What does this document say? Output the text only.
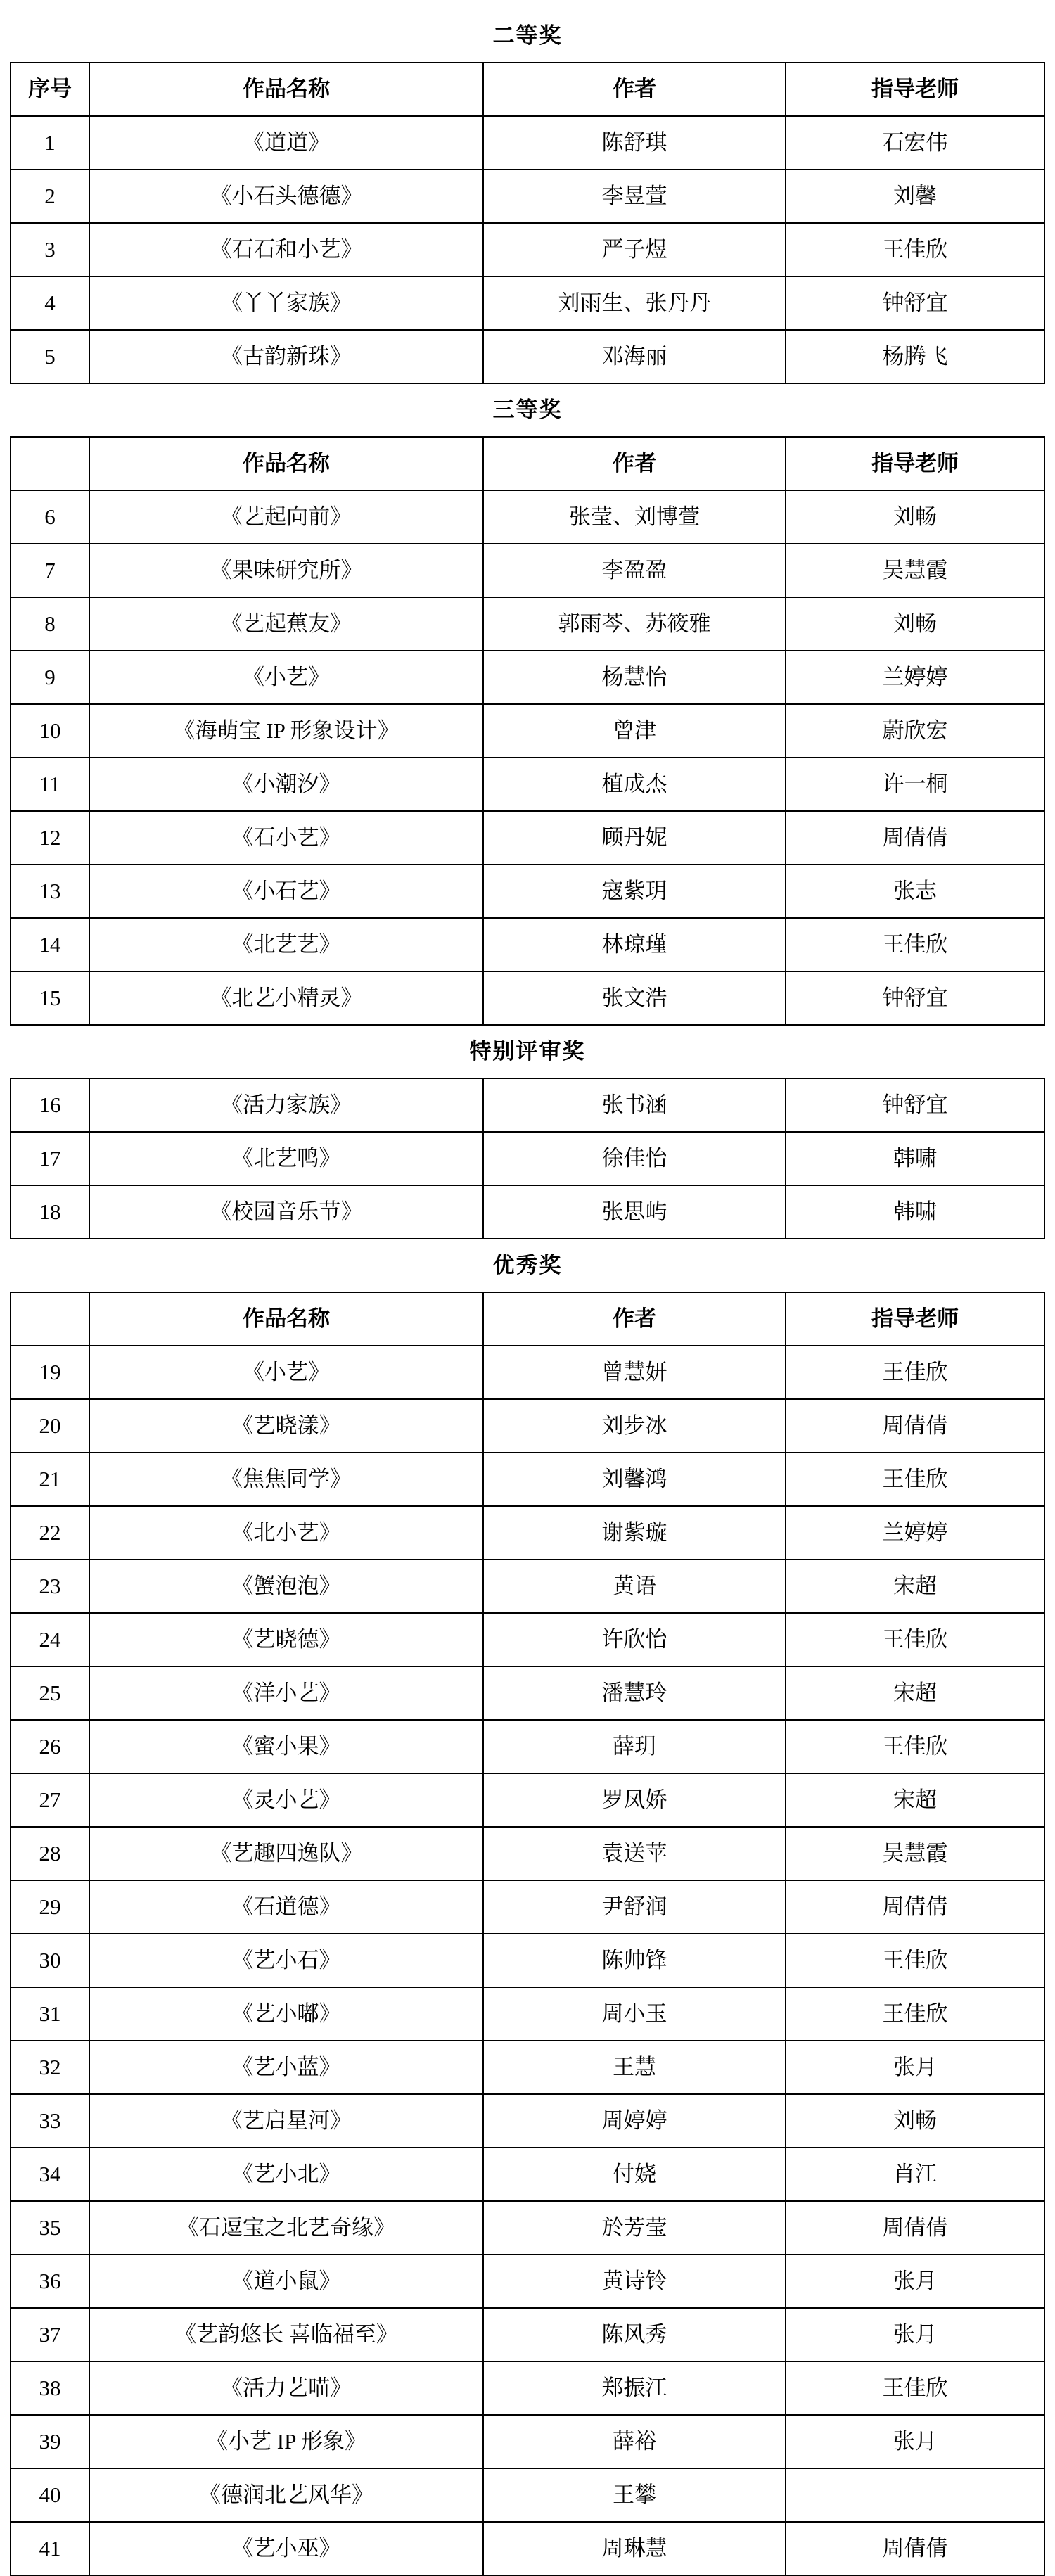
二等奖			
序号	作品名称	作者	指导老师
1	《道道》	陈舒琪	石宏伟
2	《小石头德德》	李昱萱	刘馨
3	《石石和小艺》	严子煜	王佳欣
4	《丫丫家族》	刘雨生、张丹丹	钟舒宜
5	《古韵新珠》	邓海丽	杨腾飞
三等奖			
	作品名称	作者	指导老师
6	《艺起向前》	张莹、刘博萱	刘畅
7	《果味研究所》	李盈盈	吴慧霞
8	《艺起蕉友》	郭雨芩、苏筱雅	刘畅
9	《小艺》	杨慧怡	兰婷婷
10	《海萌宝 IP 形象设计》	曾津	蔚欣宏
11	《小潮汐》	植成杰	许一桐
12	《石小艺》	顾丹妮	周倩倩
13	《小石艺》	寇紫玥	张志
14	《北艺艺》	林琼瑾	王佳欣
15	《北艺小精灵》	张文浩	钟舒宜
特别评审奖			
16	《活力家族》	张书涵	钟舒宜
17	《北艺鸭》	徐佳怡	韩啸
18	《校园音乐节》	张思屿	韩啸
优秀奖			
	作品名称	作者	指导老师
19	《小艺》	曾慧妍	王佳欣
20	《艺晓漾》	刘步冰	周倩倩
21	《焦焦同学》	刘馨鸿	王佳欣
22	《北小艺》	谢紫璇	兰婷婷
23	《蟹泡泡》	黄语	宋超
24	《艺晓德》	许欣怡	王佳欣
25	《洋小艺》	潘慧玲	宋超
26	《蜜小果》	薛玥	王佳欣
27	《灵小艺》	罗凤娇	宋超
28	《艺趣四逸队》	袁送苹	吴慧霞
29	《石道德》	尹舒润	周倩倩
30	《艺小石》	陈帅锋	王佳欣
31	《艺小嘟》	周小玉	王佳欣
32	《艺小蓝》	王慧	张月
33	《艺启星河》	周婷婷	刘畅
34	《艺小北》	付娆	肖江
35	《石逗宝之北艺奇缘》	於芳莹	周倩倩
36	《道小鼠》	黄诗铃	张月
37	《艺韵悠长 喜临福至》	陈风秀	张月
38	《活力艺喵》	郑振江	王佳欣
39	《小艺 IP 形象》	薛裕	张月
40	《德润北艺风华》	王攀	
41	《艺小巫》	周琳慧	周倩倩
